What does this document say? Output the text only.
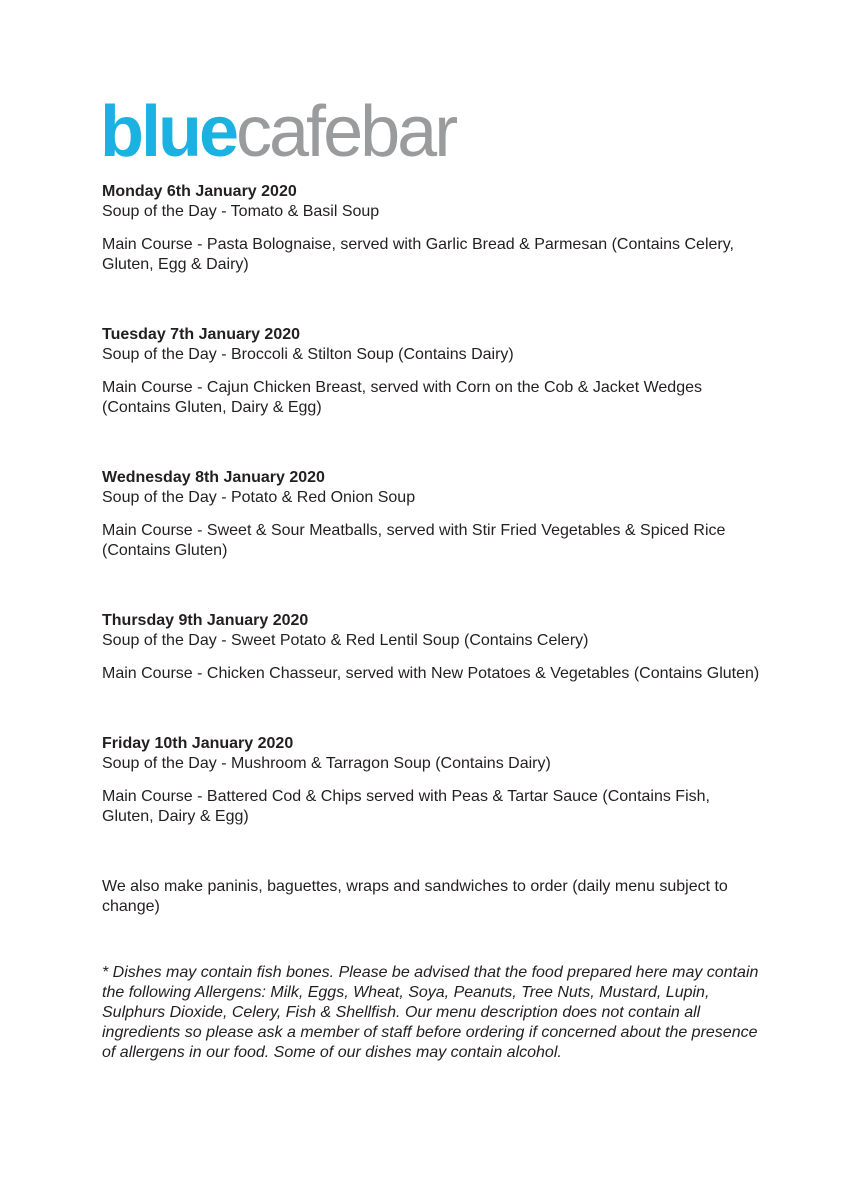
bluecafebar
Monday 6th January 2020
Soup of the Day - Tomato & Basil Soup
Main Course - Pasta Bolognaise, served with Garlic Bread & Parmesan (Contains Celery, Gluten, Egg & Dairy)
Tuesday 7th January 2020
Soup of the Day - Broccoli & Stilton Soup (Contains Dairy)
Main Course - Cajun Chicken Breast, served with Corn on the Cob & Jacket Wedges (Contains Gluten, Dairy & Egg)
Wednesday 8th January 2020
Soup of the Day - Potato & Red Onion Soup
Main Course - Sweet & Sour Meatballs, served with Stir Fried Vegetables & Spiced Rice (Contains Gluten)
Thursday 9th January 2020
Soup of the Day - Sweet Potato & Red Lentil Soup (Contains Celery)
Main Course - Chicken Chasseur, served with New Potatoes & Vegetables (Contains Gluten)
Friday 10th January 2020
Soup of the Day - Mushroom & Tarragon Soup (Contains Dairy)
Main Course - Battered Cod & Chips served with Peas & Tartar Sauce (Contains Fish, Gluten, Dairy & Egg)
We also make paninis, baguettes, wraps and sandwiches to order (daily menu subject to change)
* Dishes may contain fish bones. Please be advised that the food prepared here may contain the following Allergens: Milk, Eggs, Wheat, Soya, Peanuts, Tree Nuts, Mustard, Lupin, Sulphurs Dioxide, Celery, Fish & Shellfish. Our menu description does not contain all ingredients so please ask a member of staff before ordering if concerned about the presence of allergens in our food. Some of our dishes may contain alcohol.
